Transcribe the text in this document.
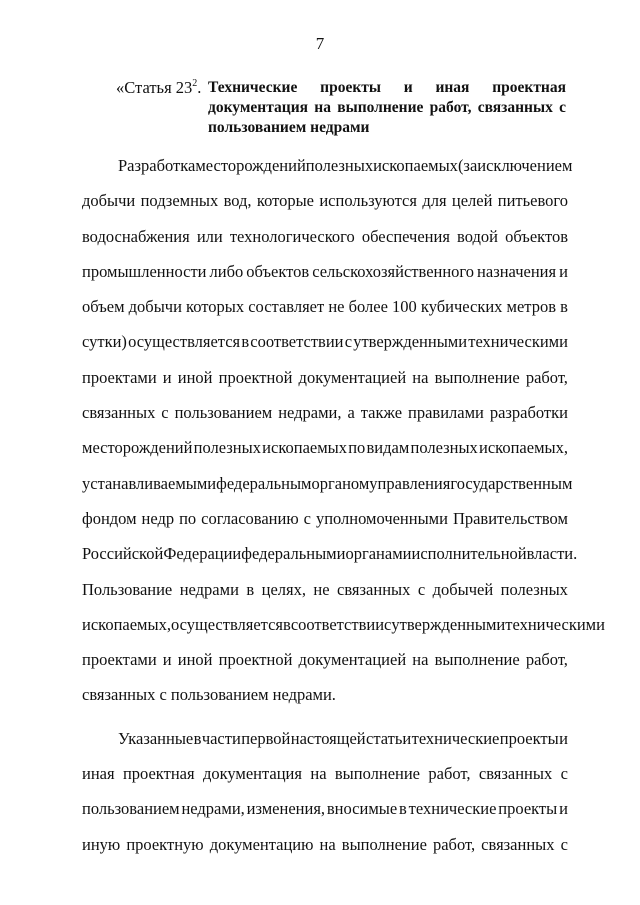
7
«Статья $23^2$. Технические проекты и иная проектная
документация на выполнение работ, связанных с
пользованием недрами
Разработка месторождений полезных ископаемых (за исключением
добычи подземных вод, которые используются для целей питьевого
водоснабжения или технологического обеспечения водой объектов
промышленности либо объектов сельскохозяйственного назначения и
объем добычи которых составляет не более 100 кубических метров в
сутки) осуществляется в соответствии с утвержденными техническими
проектами и иной проектной документацией на выполнение работ,
связанных с пользованием недрами, а также правилами разработки
месторождений полезных ископаемых по видам полезных ископаемых,
устанавливаемыми федеральным органом управления государственным
фондом недр по согласованию с уполномоченными Правительством
Российской Федерации федеральными органами исполнительной власти.
Пользование недрами в целях, не связанных с добычей полезных
ископаемых, осуществляется в соответствии с утвержденными техническими
проектами и иной проектной документацией на выполнение работ,
связанных с пользованием недрами.
Указанные в части первой настоящей статьи технические проекты и
иная проектная документация на выполнение работ, связанных с
пользованием недрами, изменения, вносимые в технические проекты и
иную проектную документацию на выполнение работ, связанных с
